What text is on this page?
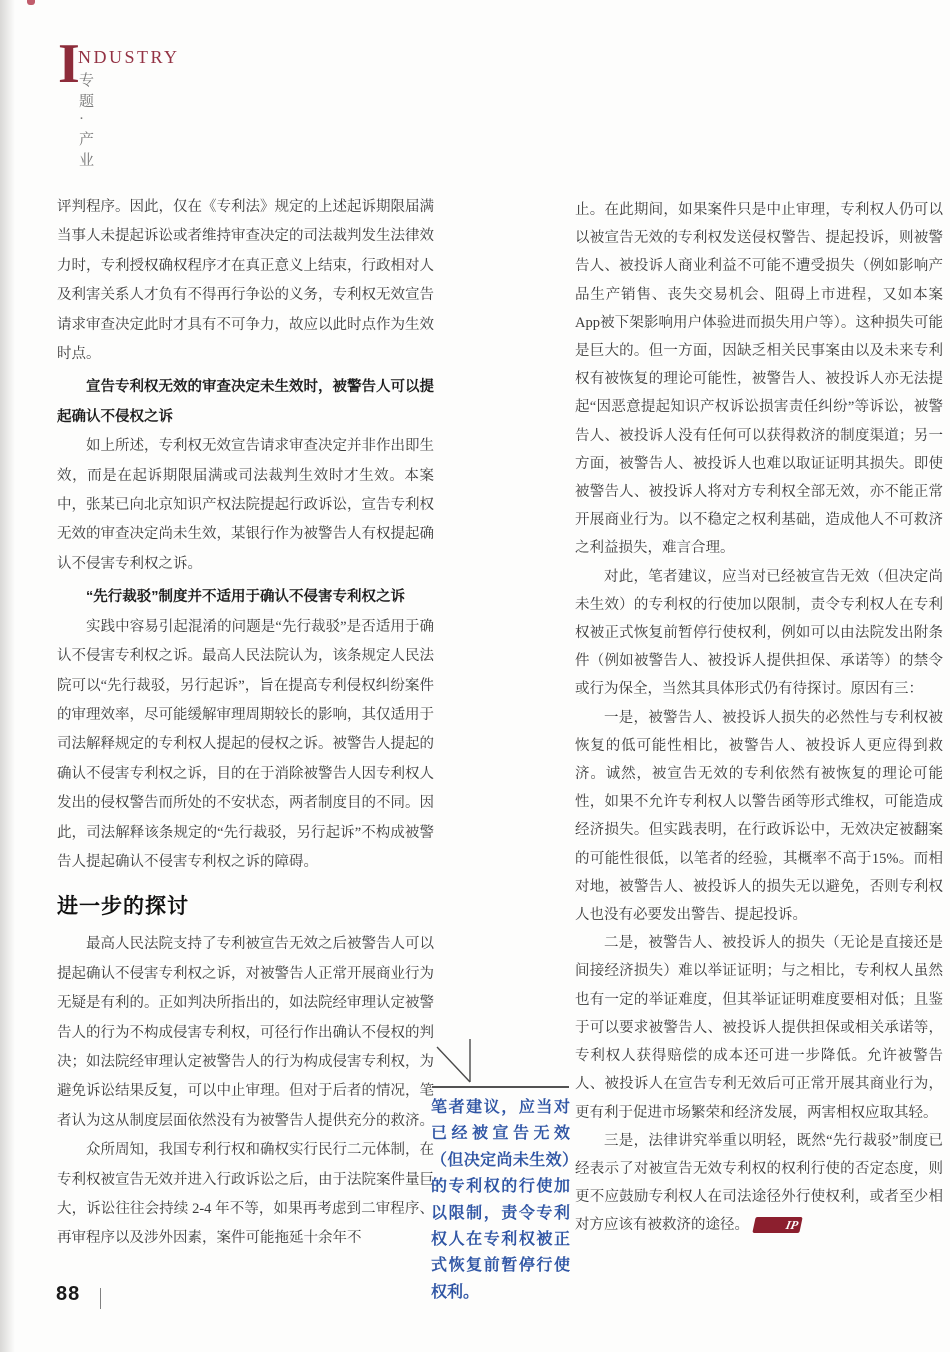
I
NDUSTRY
专题 · 产业

评判程序。因此，仅在《专利法》规定的上述起诉期限届满当事人未提起诉讼或者维持审查决定的司法裁判发生法律效力时，专利授权确权程序才在真正意义上结束，行政相对人及利害关系人才负有不得再行争讼的义务，专利权无效宣告请求审查决定此时才具有不可争力，故应以此时点作为生效时点。

宣告专利权无效的审查决定未生效时，被警告人可以提起确认不侵权之诉

如上所述，专利权无效宣告请求审查决定并非作出即生效，而是在起诉期限届满或司法裁判生效时才生效。本案中，张某已向北京知识产权法院提起行政诉讼，宣告专利权无效的审查决定尚未生效，某银行作为被警告人有权提起确认不侵害专利权之诉。

“先行裁驳”制度并不适用于确认不侵害专利权之诉

实践中容易引起混淆的问题是“先行裁驳”是否适用于确认不侵害专利权之诉。最高人民法院认为，该条规定人民法院可以“先行裁驳，另行起诉”，旨在提高专利侵权纠纷案件的审理效率，尽可能缓解审理周期较长的影响，其仅适用于司法解释规定的专利权人提起的侵权之诉。被警告人提起的确认不侵害专利权之诉，目的在于消除被警告人因专利权人发出的侵权警告而所处的不安状态，两者制度目的不同。因此，司法解释该条规定的“先行裁驳，另行起诉”不构成被警告人提起确认不侵害专利权之诉的障碍。

进一步的探讨

最高人民法院支持了专利被宣告无效之后被警告人可以提起确认不侵害专利权之诉，对被警告人正常开展商业行为无疑是有利的。正如判决所指出的，如法院经审理认定被警告人的行为不构成侵害专利权，可径行作出确认不侵权的判决；如法院经审理认定被警告人的行为构成侵害专利权，为避免诉讼结果反复，可以中止审理。但对于后者的情况，笔者认为这从制度层面依然没有为被警告人提供充分的救济。

众所周知，我国专利行权和确权实行民行二元体制，在专利权被宣告无效并进入行政诉讼之后，由于法院案件量巨大，诉讼往往会持续 2-4 年不等，如果再考虑到二审程序、再审程序以及涉外因素，案件可能拖延十余年不

笔者建议，应当对已经被宣告无效（但决定尚未生效）的专利权的行使加以限制，责令专利权人在专利权被正式恢复前暂停行使权利。

止。在此期间，如果案件只是中止审理，专利权人仍可以以被宣告无效的专利权发送侵权警告、提起投诉，则被警告人、被投诉人商业利益不可能不遭受损失（例如影响产品生产销售、丧失交易机会、阻碍上市进程，又如本案App被下架影响用户体验进而损失用户等）。这种损失可能是巨大的。但一方面，因缺乏相关民事案由以及未来专利权有被恢复的理论可能性，被警告人、被投诉人亦无法提起“因恶意提起知识产权诉讼损害责任纠纷”等诉讼，被警告人、被投诉人没有任何可以获得救济的制度渠道；另一方面，被警告人、被投诉人也难以取证证明其损失。即使被警告人、被投诉人将对方专利权全部无效，亦不能正常开展商业行为。以不稳定之权利基础，造成他人不可救济之利益损失，难言合理。

对此，笔者建议，应当对已经被宣告无效（但决定尚未生效）的专利权的行使加以限制，责令专利权人在专利权被正式恢复前暂停行使权利，例如可以由法院发出附条件（例如被警告人、被投诉人提供担保、承诺等）的禁令或行为保全，当然其具体形式仍有待探讨。原因有三：

一是，被警告人、被投诉人损失的必然性与专利权被恢复的低可能性相比，被警告人、被投诉人更应得到救济。诚然，被宣告无效的专利依然有被恢复的理论可能性，如果不允许专利权人以警告函等形式维权，可能造成经济损失。但实践表明，在行政诉讼中，无效决定被翻案的可能性很低，以笔者的经验，其概率不高于15%。而相对地，被警告人、被投诉人的损失无以避免，否则专利权人也没有必要发出警告、提起投诉。

二是，被警告人、被投诉人的损失（无论是直接还是间接经济损失）难以举证证明；与之相比，专利权人虽然也有一定的举证难度，但其举证证明难度要相对低；且鉴于可以要求被警告人、被投诉人提供担保或相关承诺等，专利权人获得赔偿的成本还可进一步降低。允许被警告人、被投诉人在宣告专利无效后可正常开展其商业行为，更有利于促进市场繁荣和经济发展，两害相权应取其轻。

三是，法律讲究举重以明轻，既然“先行裁驳”制度已经表示了对被宣告无效专利权的权利行使的否定态度，则更不应鼓励专利权人在司法途径外行使权利，或者至少相对方应该有被救济的途径。	IP

88
